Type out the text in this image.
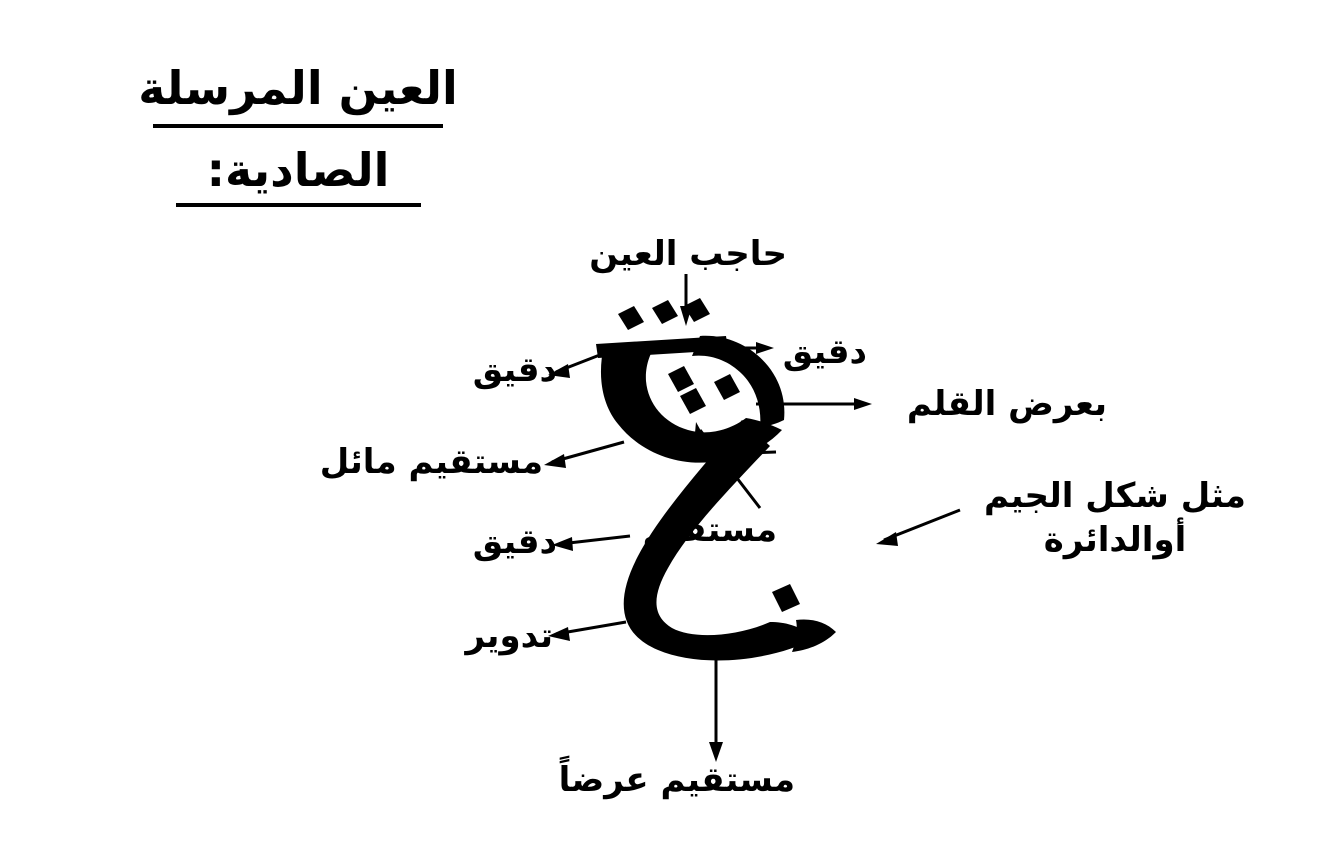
العين المرسلة
الصادية:
حاجب العين
دقيق	دقيق
بعرض القلم
مستقيم مائل
مستقيم
دقيق
تدوير
مستقيم عرضاً
مثل شكل الجيم
أوالدائرة
